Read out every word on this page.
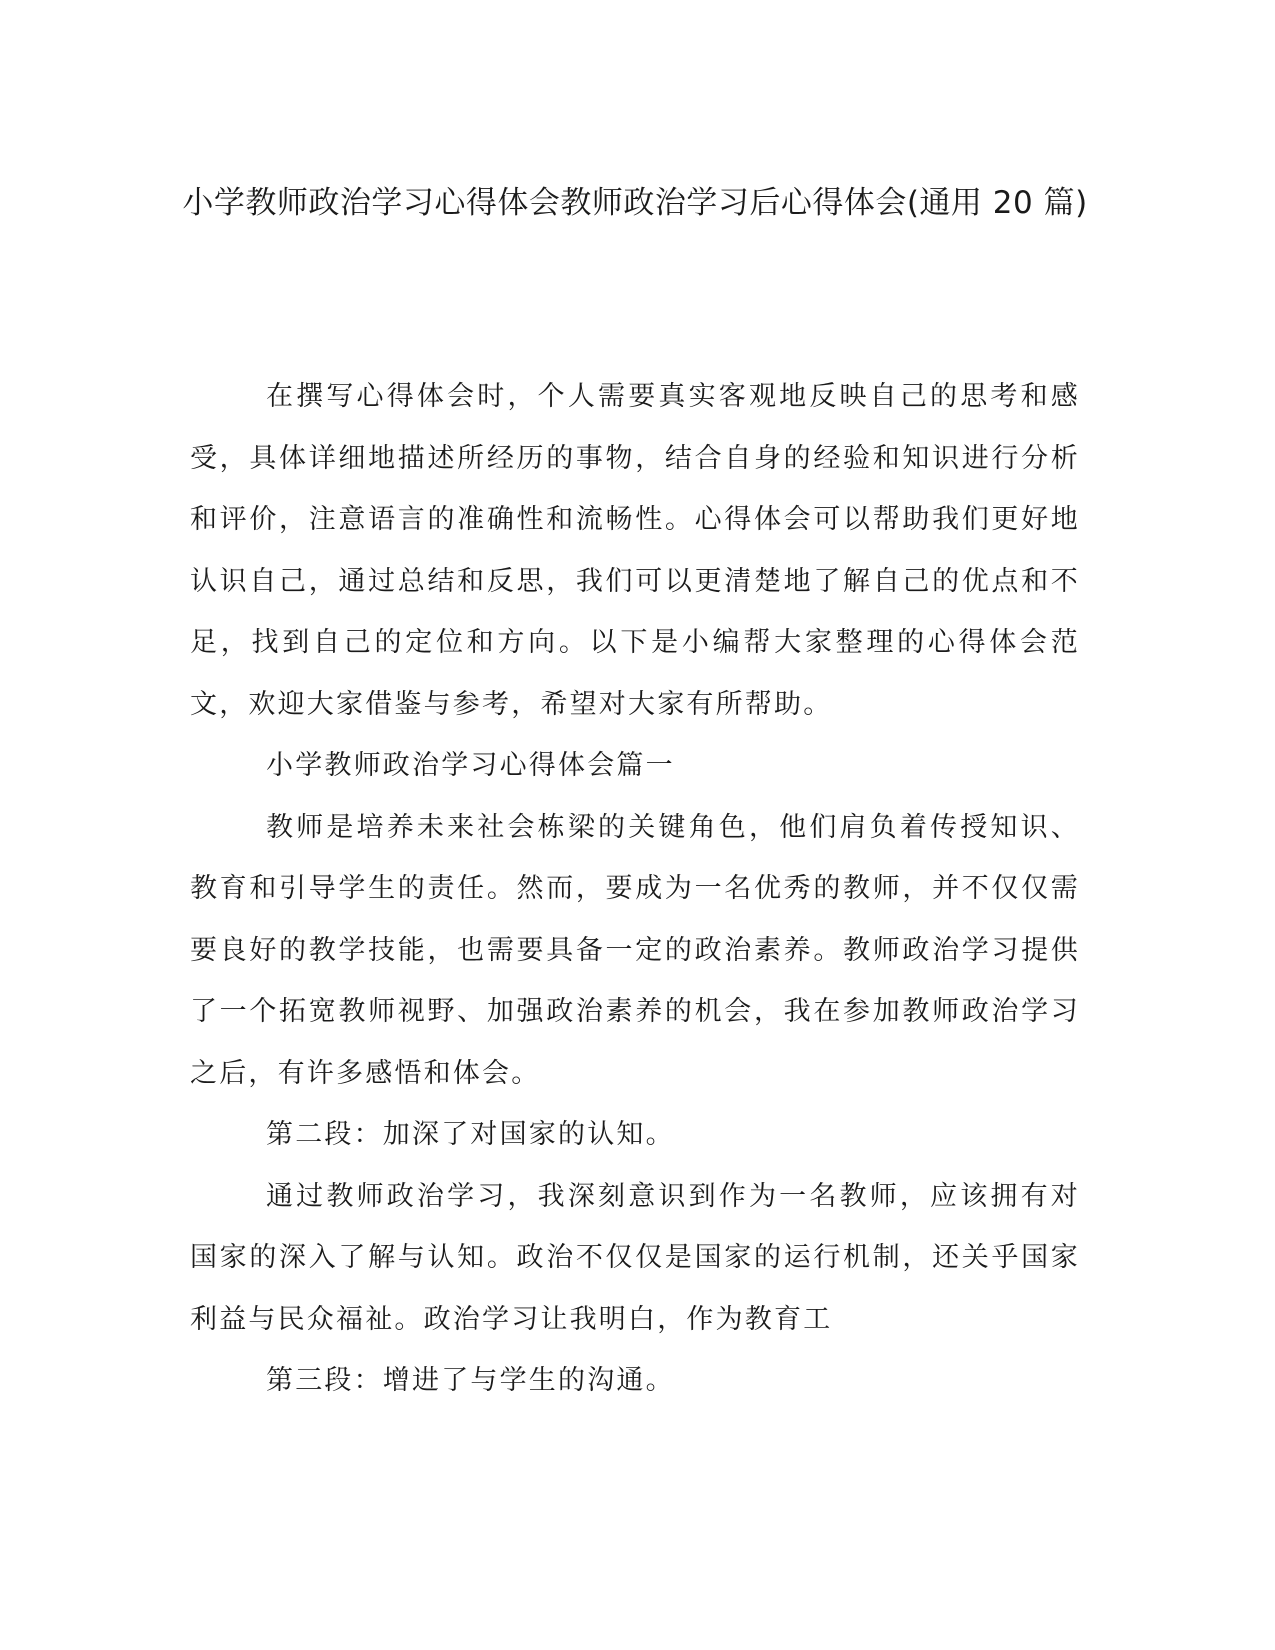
小学教师政治学习心得体会教师政治学习后心得体会(通用 20 篇)

在撰写心得体会时，个人需要真实客观地反映自己的思考和感受，具体详细地描述所经历的事物，结合自身的经验和知识进行分析和评价，注意语言的准确性和流畅性。心得体会可以帮助我们更好地认识自己，通过总结和反思，我们可以更清楚地了解自己的优点和不足，找到自己的定位和方向。以下是小编帮大家整理的心得体会范文，欢迎大家借鉴与参考，希望对大家有所帮助。

小学教师政治学习心得体会篇一

教师是培养未来社会栋梁的关键角色，他们肩负着传授知识、教育和引导学生的责任。然而，要成为一名优秀的教师，并不仅仅需要良好的教学技能，也需要具备一定的政治素养。教师政治学习提供了一个拓宽教师视野、加强政治素养的机会，我在参加教师政治学习之后，有许多感悟和体会。

第二段：加深了对国家的认知。

通过教师政治学习，我深刻意识到作为一名教师，应该拥有对国家的深入了解与认知。政治不仅仅是国家的运行机制，还关乎国家利益与民众福祉。政治学习让我明白，作为教育工

第三段：增进了与学生的沟通。
